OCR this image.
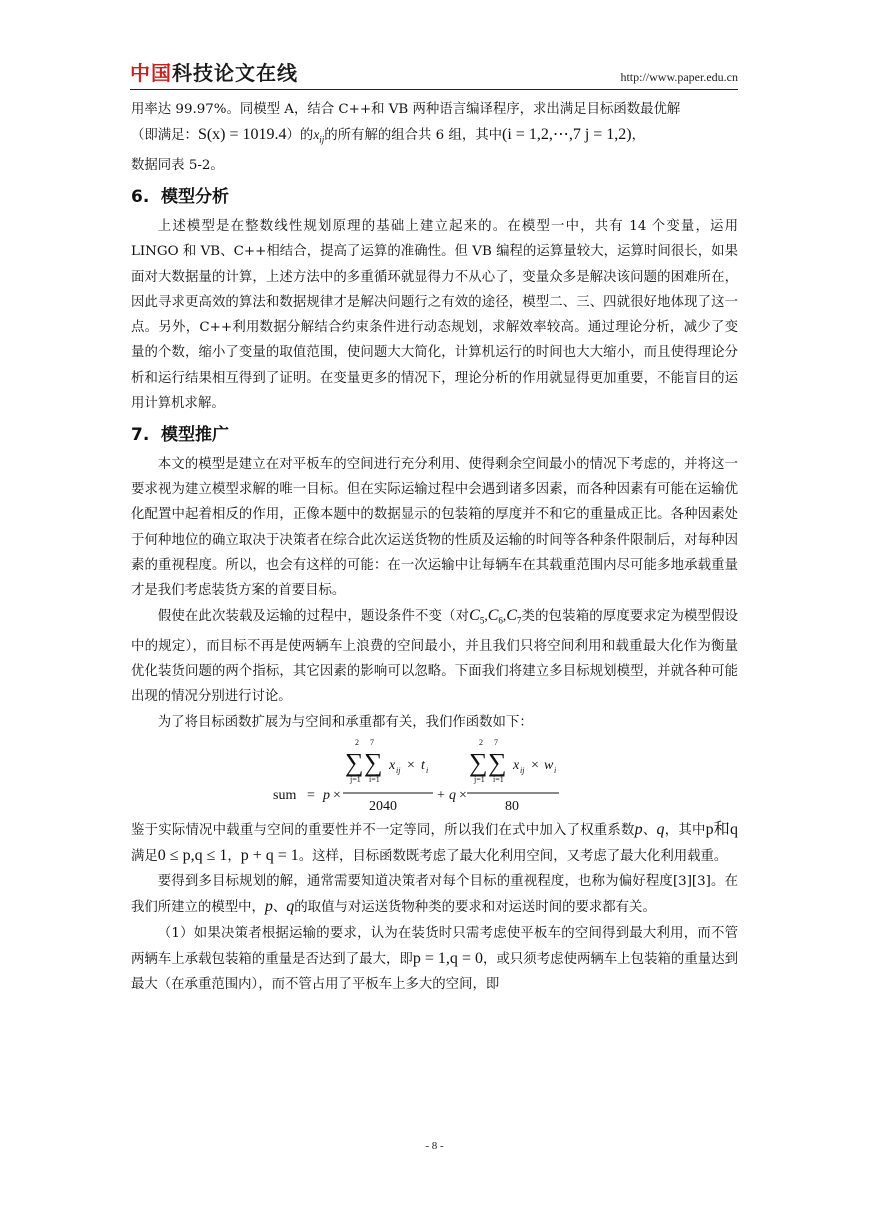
中国科技论文在线	http://www.paper.edu.cn

用率达 99.97%。同模型 A，结合 C++和 VB 两种语言编译程序，求出满足目标函数最优解

（即满足：S(x) = 1019.4）的$x_{ij}$的所有解的组合共 6 组，其中(i = 1,2,⋯,7 j = 1,2)，

数据同表 5-2。

6. 模型分析

上述模型是在整数线性规划原理的基础上建立起来的。在模型一中，共有 14 个变量，运用 LINGO 和 VB、C++相结合，提高了运算的准确性。但 VB 编程的运算量较大，运算时间很长，如果面对大数据量的计算，上述方法中的多重循环就显得力不从心了，变量众多是解决该问题的困难所在，因此寻求更高效的算法和数据规律才是解决问题行之有效的途径，模型二、三、四就很好地体现了这一点。另外，C++利用数据分解结合约束条件进行动态规划，求解效率较高。通过理论分析，减少了变量的个数，缩小了变量的取值范围，使问题大大简化，计算机运行的时间也大大缩小，而且使得理论分析和运行结果相互得到了证明。在变量更多的情况下，理论分析的作用就显得更加重要，不能盲目的运用计算机求解。

7. 模型推广

本文的模型是建立在对平板车的空间进行充分利用、使得剩余空间最小的情况下考虑的，并将这一要求视为建立模型求解的唯一目标。但在实际运输过程中会遇到诸多因素，而各种因素有可能在运输优化配置中起着相反的作用，正像本题中的数据显示的包装箱的厚度并不和它的重量成正比。各种因素处于何种地位的确立取决于决策者在综合此次运送货物的性质及运输的时间等各种条件限制后，对每种因素的重视程度。所以，也会有这样的可能：在一次运输中让每辆车在其载重范围内尽可能多地承载重量才是我们考虑装货方案的首要目标。

假使在此次装载及运输的过程中，题设条件不变（对$C_5,C_6,C_7$类的包装箱的厚度要求定为模型假设中的规定），而目标不再是使两辆车上浪费的空间最小，并且我们只将空间利用和载重最大化作为衡量优化装货问题的两个指标，其它因素的影响可以忽略。下面我们将建立多目标规划模型，并就各种可能出现的情况分别进行讨论。

为了将目标函数扩展为与空间和承重都有关，我们作函数如下：

sum = p ×
2 7
∑ ∑
j=1 i=1
x ij × t i
2040
+ q ×
2 7
∑ ∑
j=1 i=1
x ij × w i
80

鉴于实际情况中载重与空间的重要性并不一定等同，所以我们在式中加入了权重系数p、q，其中p和q满足0 ≤ p,q ≤ 1，p + q = 1。这样，目标函数既考虑了最大化利用空间，又考虑了最大化利用载重。

要得到多目标规划的解，通常需要知道决策者对每个目标的重视程度，也称为偏好程度[3][3]。在我们所建立的模型中，p、q的取值与对运送货物种类的要求和对运送时间的要求都有关。

（1）如果决策者根据运输的要求，认为在装货时只需考虑使平板车的空间得到最大利用，而不管两辆车上承载包装箱的重量是否达到了最大，即p = 1,q = 0，或只须考虑使两辆车上包装箱的重量达到最大（在承重范围内），而不管占用了平板车上多大的空间，即

- 8 -
